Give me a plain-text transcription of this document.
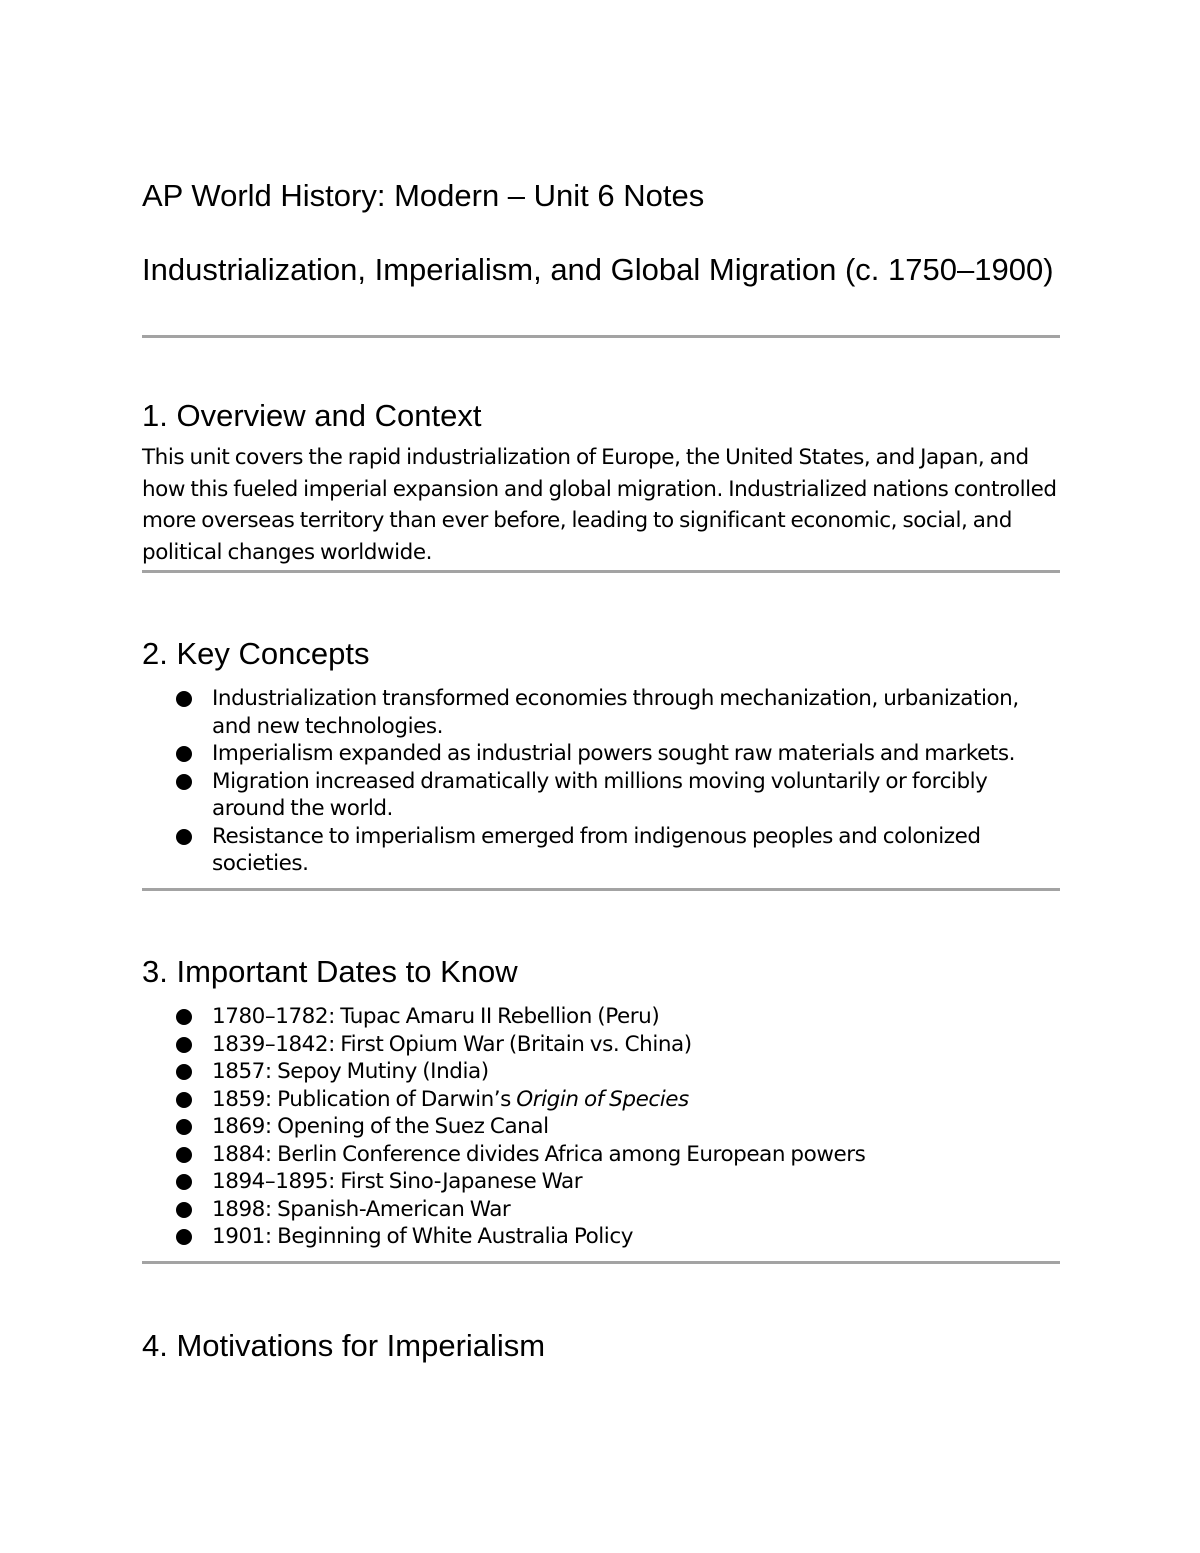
AP World History: Modern – Unit 6 Notes
Industrialization, Imperialism, and Global Migration (c. 1750–1900)
1. Overview and Context

This unit covers the rapid industrialization of Europe, the United States, and Japan, and how this fueled imperial expansion and global migration. Industrialized nations controlled more overseas territory than ever before, leading to significant economic, social, and political changes worldwide.

2. Key Concepts
Industrialization transformed economies through mechanization, urbanization, and new technologies.
Imperialism expanded as industrial powers sought raw materials and markets.
Migration increased dramatically with millions moving voluntarily or forcibly around the world.
Resistance to imperialism emerged from indigenous peoples and colonized societies.
3. Important Dates to Know
1780–1782: Tupac Amaru II Rebellion (Peru)
1839–1842: First Opium War (Britain vs. China)
1857: Sepoy Mutiny (India)
1859: Publication of Darwin’s Origin of Species
1869: Opening of the Suez Canal
1884: Berlin Conference divides Africa among European powers
1894–1895: First Sino-Japanese War
1898: Spanish-American War
1901: Beginning of White Australia Policy
4. Motivations for Imperialism
